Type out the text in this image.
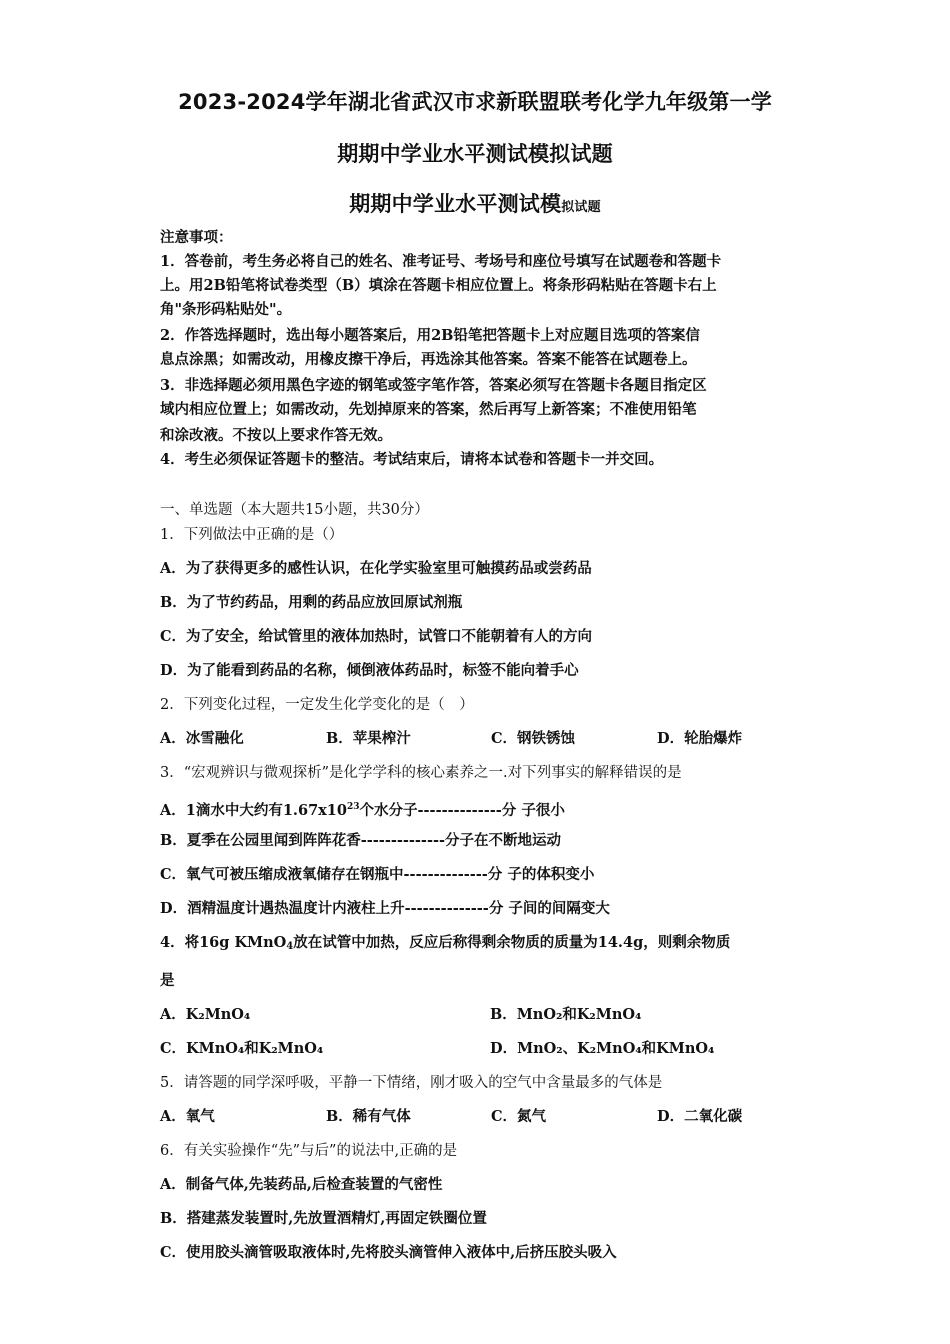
2023-2024学年湖北省武汉市求新联盟联考化学九年级第一学
期期中学业水平测试模拟试题
期期中学业水平测试模拟试题
注意事项：
1．答卷前，考生务必将自己的姓名、准考证号、考场号和座位号填写在试题卷和答题卡
上。用2B铅笔将试卷类型（B）填涂在答题卡相应位置上。将条形码粘贴在答题卡右上
角"条形码粘贴处"。
2．作答选择题时，选出每小题答案后，用2B铅笔把答题卡上对应题目选项的答案信
息点涂黑；如需改动，用橡皮擦干净后，再选涂其他答案。答案不能答在试题卷上。
3．非选择题必须用黑色字迹的钢笔或签字笔作答，答案必须写在答题卡各题目指定区
域内相应位置上；如需改动，先划掉原来的答案，然后再写上新答案；不准使用铅笔
和涂改液。不按以上要求作答无效。
4．考生必须保证答题卡的整洁。考试结束后，请将本试卷和答题卡一并交回。
一、单选题（本大题共15小题，共30分）
1．下列做法中正确的是（）
A．为了获得更多的感性认识，在化学实验室里可触摸药品或尝药品
B．为了节约药品，用剩的药品应放回原试剂瓶
C．为了安全，给试管里的液体加热时，试管口不能朝着有人的方向
D．为了能看到药品的名称，倾倒液体药品时，标签不能向着手心
2．下列变化过程，一定发生化学变化的是（　）
A．冰雪融化	B．苹果榨汁	C．钢铁锈蚀	D．轮胎爆炸
3．“宏观辨识与微观探析”是化学学科的核心素养之一.对下列事实的解释错误的是
A．1滴水中大约有$1.67x10^{23}$个水分子--------------分 子很小
B．夏季在公园里闻到阵阵花香--------------分子在不断地运动
C．氧气可被压缩成液氧储存在钢瓶中--------------分 子的体积变小
D．酒精温度计遇热温度计内液柱上升--------------分 子间的间隔变大
4．将16g KMnO$_4$放在试管中加热，反应后称得剩余物质的质量为14.4g，则剩余物质
是
A．K₂MnO₄	B．MnO₂和K₂MnO₄
C．KMnO₄和K₂MnO₄	D．MnO₂、K₂MnO₄和KMnO₄
5．请答题的同学深呼吸，平静一下情绪，刚才吸入的空气中含量最多的气体是
A．氧气	B．稀有气体	C．氮气	D．二氧化碳
6．有关实验操作“先”与后”的说法中,正确的是
A．制备气体,先装药品,后检查装置的气密性
B．搭建蒸发装置时,先放置酒精灯,再固定铁圈位置
C．使用胶头滴管吸取液体时,先将胶头滴管伸入液体中,后挤压胶头吸入
